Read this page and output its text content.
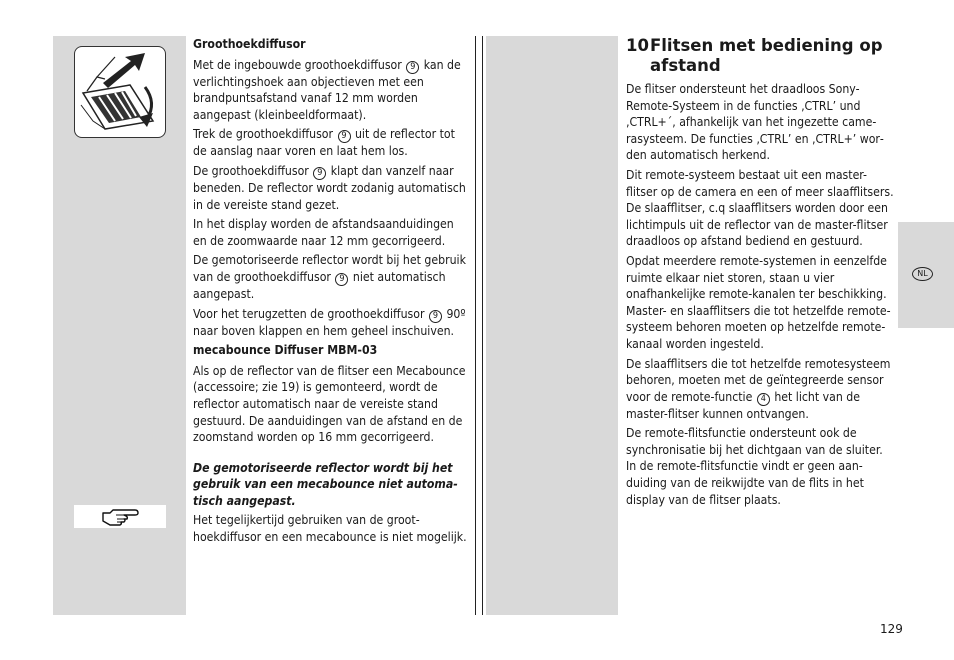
Groothoekdiffusor

Met de ingebouwde groothoekdiffusor 9 kan de verlichtingshoek aan objectieven met een brandpuntsafstand vanaf 12 mm worden aangepast (kleinbeeldformaat).

Trek de groothoekdiffusor 9 uit de reflector tot de aanslag naar voren en laat hem los.

De groothoekdiffusor 9 klapt dan vanzelf naar beneden. De reflector wordt zodanig automatisch in de vereiste stand gezet.

In het display worden de afstandsaanduidingen en de zoomwaarde naar 12 mm gecorrigeerd.

De gemotoriseerde reflector wordt bij het gebruik van de groothoekdiffusor 9 niet automatisch aangepast.

Voor het terugzetten de groothoekdiffusor 9 90º naar boven klappen en hem geheel inschuiven.

mecabounce Diffuser MBM-03

Als op de reflector van de flitser een Mecabounce (accessoire; zie 19) is gemonteerd, wordt de reflector automatisch naar de vereiste stand gestuurd. De aanduidingen van de afstand en de zoomstand worden op 16 mm gecorrigeerd.

De gemotoriseerde reflector wordt bij het gebruik van een mecabounce niet automatisch aangepast.

Het tegelijkertijd gebruiken van de groothoekdiffusor en een mecabounce is niet mogelijk.

10Flitsen met bediening op
afstand

De flitser ondersteunt het draadloos Sony-Remote-Systeem in de functies ‚CTRL’ und ‚CTRL+´, afhankelijk van het ingezette camerasysteem. De functies ‚CTRL’ en ‚CTRL+’ worden automatisch herkend.

Dit remote-systeem bestaat uit een master-flitser op de camera en een of meer slaafflitsers. De slaafflitser, c.q slaafflitsers worden door een lichtimpuls uit de reflector van de master-flitser draadloos op afstand bediend en gestuurd.

Opdat meerdere remote-systemen in eenzelfde ruimte elkaar niet storen, staan u vier onafhankelijke remote-kanalen ter beschikking. Master- en slaafflitsers die tot hetzelfde remote-systeem behoren moeten op hetzelfde remote-kanaal worden ingesteld.

De slaafflitsers die tot hetzelfde remotesysteem behoren, moeten met de geïntegreerde sensor voor de remote-functie 4 het licht van de master-flitser kunnen ontvangen.

De remote-flitsfunctie ondersteunt ook de synchronisatie bij het dichtgaan van de sluiter.

In de remote-flitsfunctie vindt er geen aanduiding van de reikwijdte van de flits in het display van de flitser plaats.

NL
129
